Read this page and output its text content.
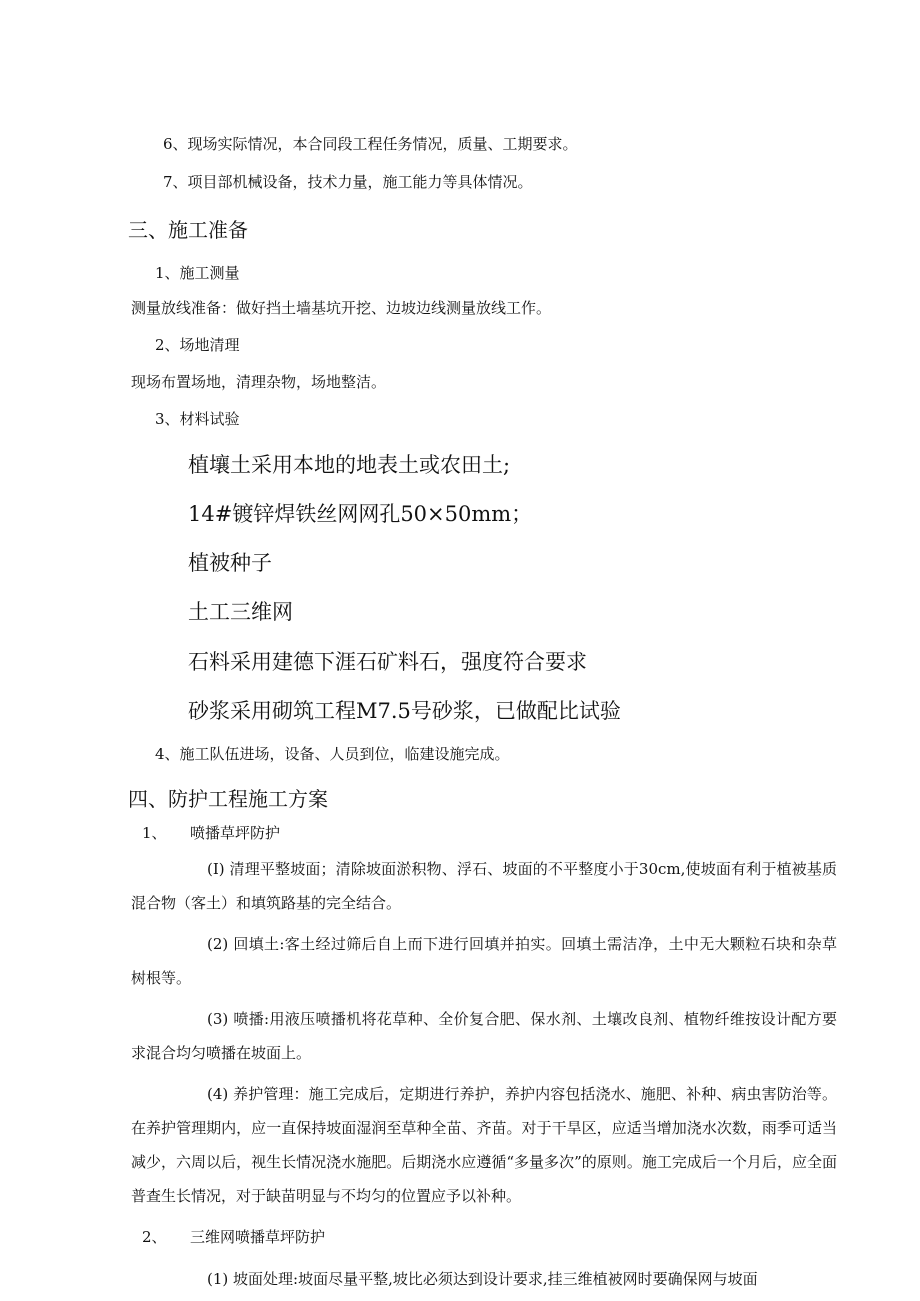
6、现场实际情况，本合同段工程任务情况，质量、工期要求。
7、项目部机械设备，技术力量，施工能力等具体情况。
三、施工准备
1、施工测量
测量放线准备：做好挡土墙基坑开挖、边坡边线测量放线工作。
2、场地清理
现场布置场地，清理杂物，场地整洁。
3、材料试验
植壤土采用本地的地表土或农田土;
14#镀锌焊铁丝网网孔50×50mm；
植被种子
土工三维网
石料采用建德下涯石矿料石，强度符合要求
砂浆采用砌筑工程M7.5号砂浆，已做配比试验
4、施工队伍进场，设备、人员到位，临建设施完成。
四、防护工程施工方案
1、 喷播草坪防护
(I) 清理平整坡面；清除坡面淤积物、浮石、坡面的不平整度小于30cm,使坡面有利于植被基质混合物（客土）和填筑路基的完全结合。
(2) 回填土:客土经过筛后自上而下进行回填并拍实。回填土需洁净，土中无大颗粒石块和杂草树根等。
(3) 喷播:用液压喷播机将花草种、全价复合肥、保水剂、土壤改良剂、植物纤维按设计配方要求混合均匀喷播在坡面上。
(4) 养护管理：施工完成后，定期进行养护，养护内容包括浇水、施肥、补种、病虫害防治等。在养护管理期内，应一直保持坡面湿润至草种全苗、齐苗。对于干旱区，应适当增加浇水次数，雨季可适当减少，六周以后，视生长情况浇水施肥。后期浇水应遵循“多量多次”的原则。施工完成后一个月后，应全面普查生长情况，对于缺苗明显与不均匀的位置应予以补种。
2、 三维网喷播草坪防护
(1) 坡面处理:坡面尽量平整,坡比必须达到设计要求,挂三维植被网时要确保网与坡面
